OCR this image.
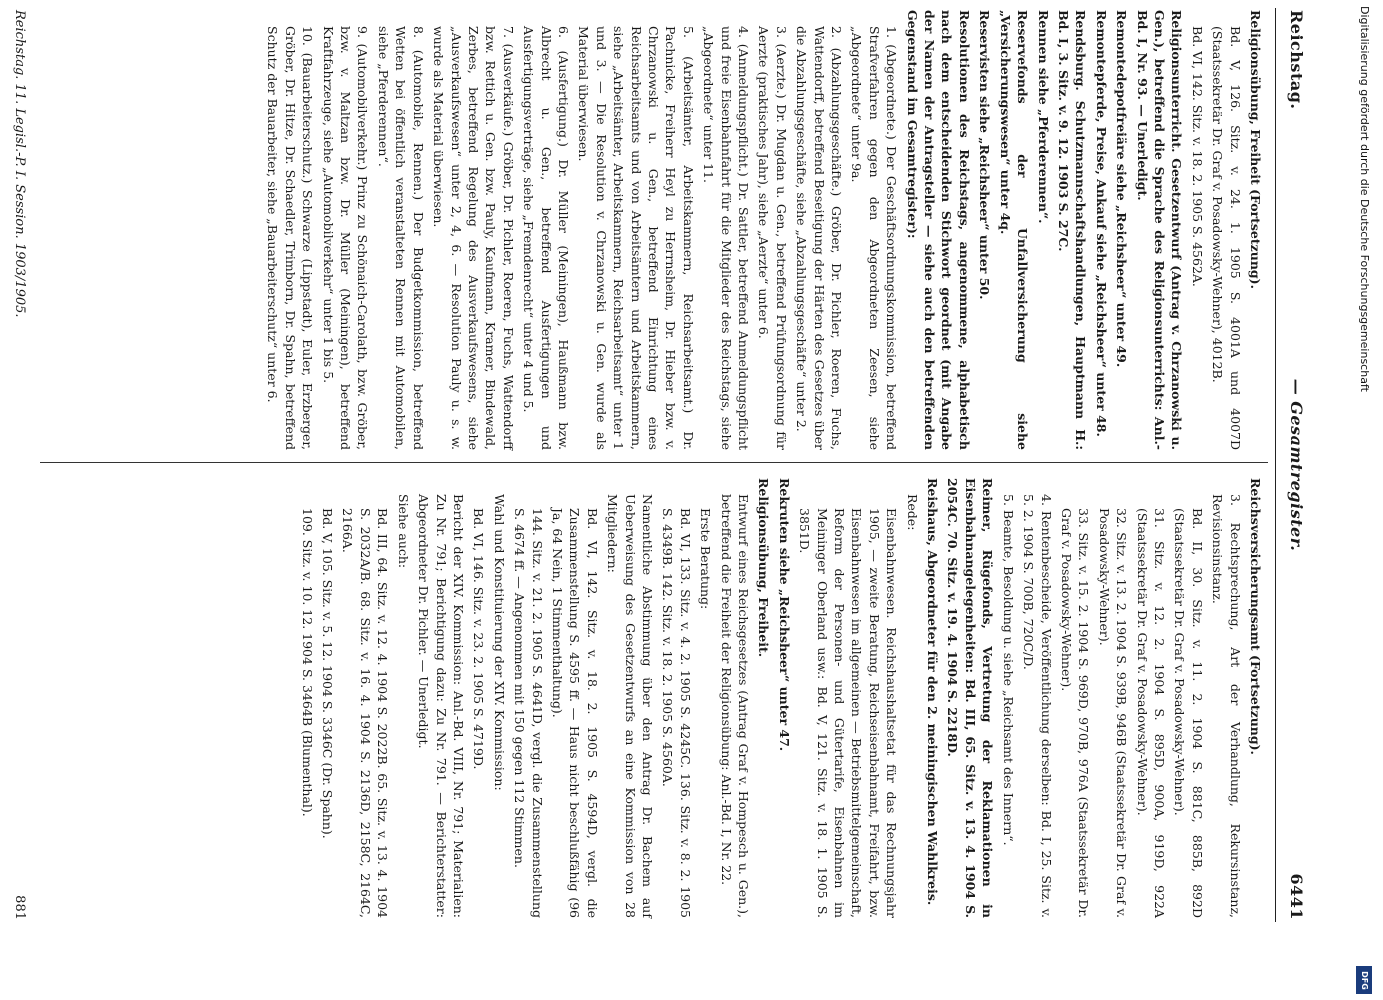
Reichstag.
— Gesamtregister.
6441
Religionsübung, Freiheit (Fortsetzung).
Bd. V, 126. Sitz. v. 24. 1. 1905 S. 4001A und 4007D (Staatssekretär Dr. Graf v. Posadowsky-Wehner), 4012B.
Bd. VI, 142. Sitz. v. 18. 2. 1905 S. 4562A.
Religionsunterricht. Gesetzentwurf (Antrag v. Chrzanowski u. Gen.), betreffend die Sprache des Religionsunterrichts: Anl.-Bd. I, Nr. 93. — Unerledigt.
Remontedepotfreiäre siehe „Reichsheer“ unter 49.
Remontepferde, Preise, Ankauf siehe „Reichsheer“ unter 48.
Rendsburg. Schutzmannschaftshandlungen, Hauptmann H.: Bd. I, 3. Sitz. v. 9. 12. 1903 S. 27C.
Rennen siehe „Pferderennen“.
Reservefonds der Unfallversicherung siehe „Versicherungswesen“ unter 4q.
Reservisten siehe „Reichsheer“ unter 50.
Resolutionen des Reichstags, angenommene, alphabetisch nach dem entscheidenden Stichwort geordnet (mit Angabe der Namen der Antragsteller — siehe auch den betreffenden Gegenstand im Gesamtregister):
1. (Abgeordnete.) Der Geschäftsordnungskommission, betreffend Strafverfahren gegen den Abgeordneten Zeesen, siehe „Abgeordnete“ unter 9a.
2. (Abzahlungsgeschäfte.) Gröber, Dr. Pichler, Roeren, Fuchs, Wattendorff, betreffend Beseitigung der Härten des Gesetzes über die Abzahlungsgeschäfte, siehe „Abzahlungsgeschäfte“ unter 2.
3. (Aerzte.) Dr. Mugdan u. Gen., betreffend Prüfungsordnung für Aerzte (praktisches Jahr), siehe „Aerzte“ unter 6.
4. (Anmeldungspflicht.) Dr. Sattler, betreffend Anmeldungspflicht und freie Eisenbahnfahrt für die Mitglieder des Reichstags, siehe „Abgeordnete“ unter 11.
5. (Arbeitsämter, Arbeitskammern, Reichsarbeitsamt.) Dr. Pachnicke, Freiherr Heyl zu Herrnsheim, Dr. Hieber bzw. v. Chrzanowski u. Gen., betreffend Einrichtung eines Reichsarbeitsamts und von Arbeitsämtern und Arbeitskammern, siehe „Arbeitsämter, Arbeitskammern, Reichsarbeitsamt“ unter 1 und 3. — Die Resolution v. Chrzanowski u. Gen. wurde als Material überwiesen.
6. (Ausfertigung.) Dr. Müller (Meiningen), Haußmann bzw. Albrecht u. Gen., betreffend Ausfertigungen und Ausfertigungsverträge, siehe „Fremdenrecht“ unter 4 und 5.
7. (Ausverkäufe.) Gröber, Dr. Pichler, Roeren, Fuchs, Wattendorff bzw. Rettich u. Gen. bzw. Pauly, Kaufmann, Kramer, Bindewald, Zerbes, betreffend Regelung des Ausverkaufswesens, siehe „Ausverkaufswesen“ unter 2, 4, 6. — Resolution Pauly u. s. w. wurde als Material überwiesen.
8. (Automobile, Rennen.) Der Budgetkommission, betreffend Wetten bei öffentlich veranstalteten Rennen mit Automobilen, siehe „Pferderennen“.
9. (Automobilverkehr.) Prinz zu Schönaich-Carolath, bzw. Gröber, bzw. v. Maltzan bzw. Dr. Müller (Meiningen), betreffend Kraftfahrzeuge, siehe „Automobilverkehr“ unter 1 bis 5.
10. (Bauarbeiterschutz.) Schwarze (Lippstadt), Euler, Erzberger, Gröber, Dr. Hitze, Dr. Schaedler, Trimborn, Dr. Spahn, betreffend Schutz der Bauarbeiter, siehe „Bauarbeiterschutz“ unter 6.
Reichsversicherungsamt (Fortsetzung).
3. Rechtsprechung, Art der Verhandlung, Rekursinstanz, Revisionsinstanz.
Bd. II, 30. Sitz. v. 11. 2. 1904 S. 881C, 885B, 892D (Staatssekretär Dr. Graf v. Posadowsky-Wehner).
31. Sitz. v. 12. 2. 1904 S. 895D, 900A, 919D, 922A (Staatssekretär Dr. Graf v. Posadowsky-Wehner).
32. Sitz. v. 13. 2. 1904 S. 939B, 946B (Staatssekretär Dr. Graf v. Posadowsky-Wehner).
33. Sitz. v. 15. 2. 1904 S. 969D, 970B, 976A (Staatssekretär Dr. Graf v. Posadowsky-Wehner).
4. Rentenbescheide, Veröffentlichung derselben: Bd. I, 25. Sitz. v. 5. 2. 1904 S. 700B, 720C/D.
5. Beamte, Besoldung u. siehe „Reichsamt des Innern“.
Reimer, Rügefonds, Vertretung der Reklamationen in Eisenbahnangelegenheiten: Bd. III, 65. Sitz. v. 13. 4. 1904 S. 2054C. 70. Sitz. v. 19. 4. 1904 S. 2218D.
Reishaus, Abgeordneter für den 2. meiningischen Wahlkreis.
Rede:
Eisenbahnwesen. Reichshaushaltsetat für das Rechnungsjahr 1905, — zweite Beratung, Reichseisenbahnamt, Freifahrt, bzw. Eisenbahnwesen im allgemeinen — Betriebsmittelgemeinschaft, Reform der Personen- und Gütertarife, Eisenbahnen im Meininger Oberland usw.: Bd. V, 121. Sitz. v. 18. 1. 1905 S. 3851D.
Rekruten siehe „Reichsheer“ unter 47.
Religionsübung, Freiheit.
Entwurf eines Reichsgesetzes (Antrag Graf v. Hompesch u. Gen.), betreffend die Freiheit der Religionsübung: Anl.-Bd. I, Nr. 22.
Erste Beratung:
Bd. VI, 133. Sitz. v. 4. 2. 1905 S. 4245C. 136. Sitz. v. 8. 2. 1905 S. 4349B. 142. Sitz. v. 18. 2. 1905 S. 4560A.
Namentliche Abstimmung über den Antrag Dr. Bachem auf Ueberweisung des Gesetzentwurfs an eine Kommission von 28 Mitgliedern:
Bd. VI, 142. Sitz. v. 18. 2. 1905 S. 4594D, vergl. die Zusammenstellung S. 4595 ff. — Haus nicht beschlußfähig (96 Ja, 64 Nein, 1 Stimmenthaltung).
144. Sitz. v. 21. 2. 1905 S. 4641D, vergl. die Zusammenstellung S. 4674 ff. — Angenommen mit 150 gegen 112 Stimmen.
Wahl und Konstituierung der XIV. Kommission:
Bd. VI, 146. Sitz. v. 23. 2. 1905 S. 4719D.
Bericht der XIV. Kommission: Anl.-Bd. VIII, Nr. 791; Materialien: Zu Nr. 791; Berichtigung dazu: Zu Nr. 791. — Berichterstatter: Abgeordneter Dr. Pichler. — Unerledigt.
Siehe auch:
Bd. III, 64. Sitz. v. 12. 4. 1904 S. 2022B. 65. Sitz. v. 13. 4. 1904 S. 2032A/B. 68. Sitz. v. 16. 4. 1904 S. 2136D, 2158C, 2164C, 2166A.
Bd. V, 105. Sitz. v. 5. 12. 1904 S. 3346C (Dr. Spahn).
109. Sitz. v. 10. 12. 1904 S. 3464B (Blumenthal).
Reichstag. 11. Legisl.-P. I. Session. 1903/1905.
881
Digitalisierung gefördert durch die Deutsche Forschungsgemeinschaft
DFG
